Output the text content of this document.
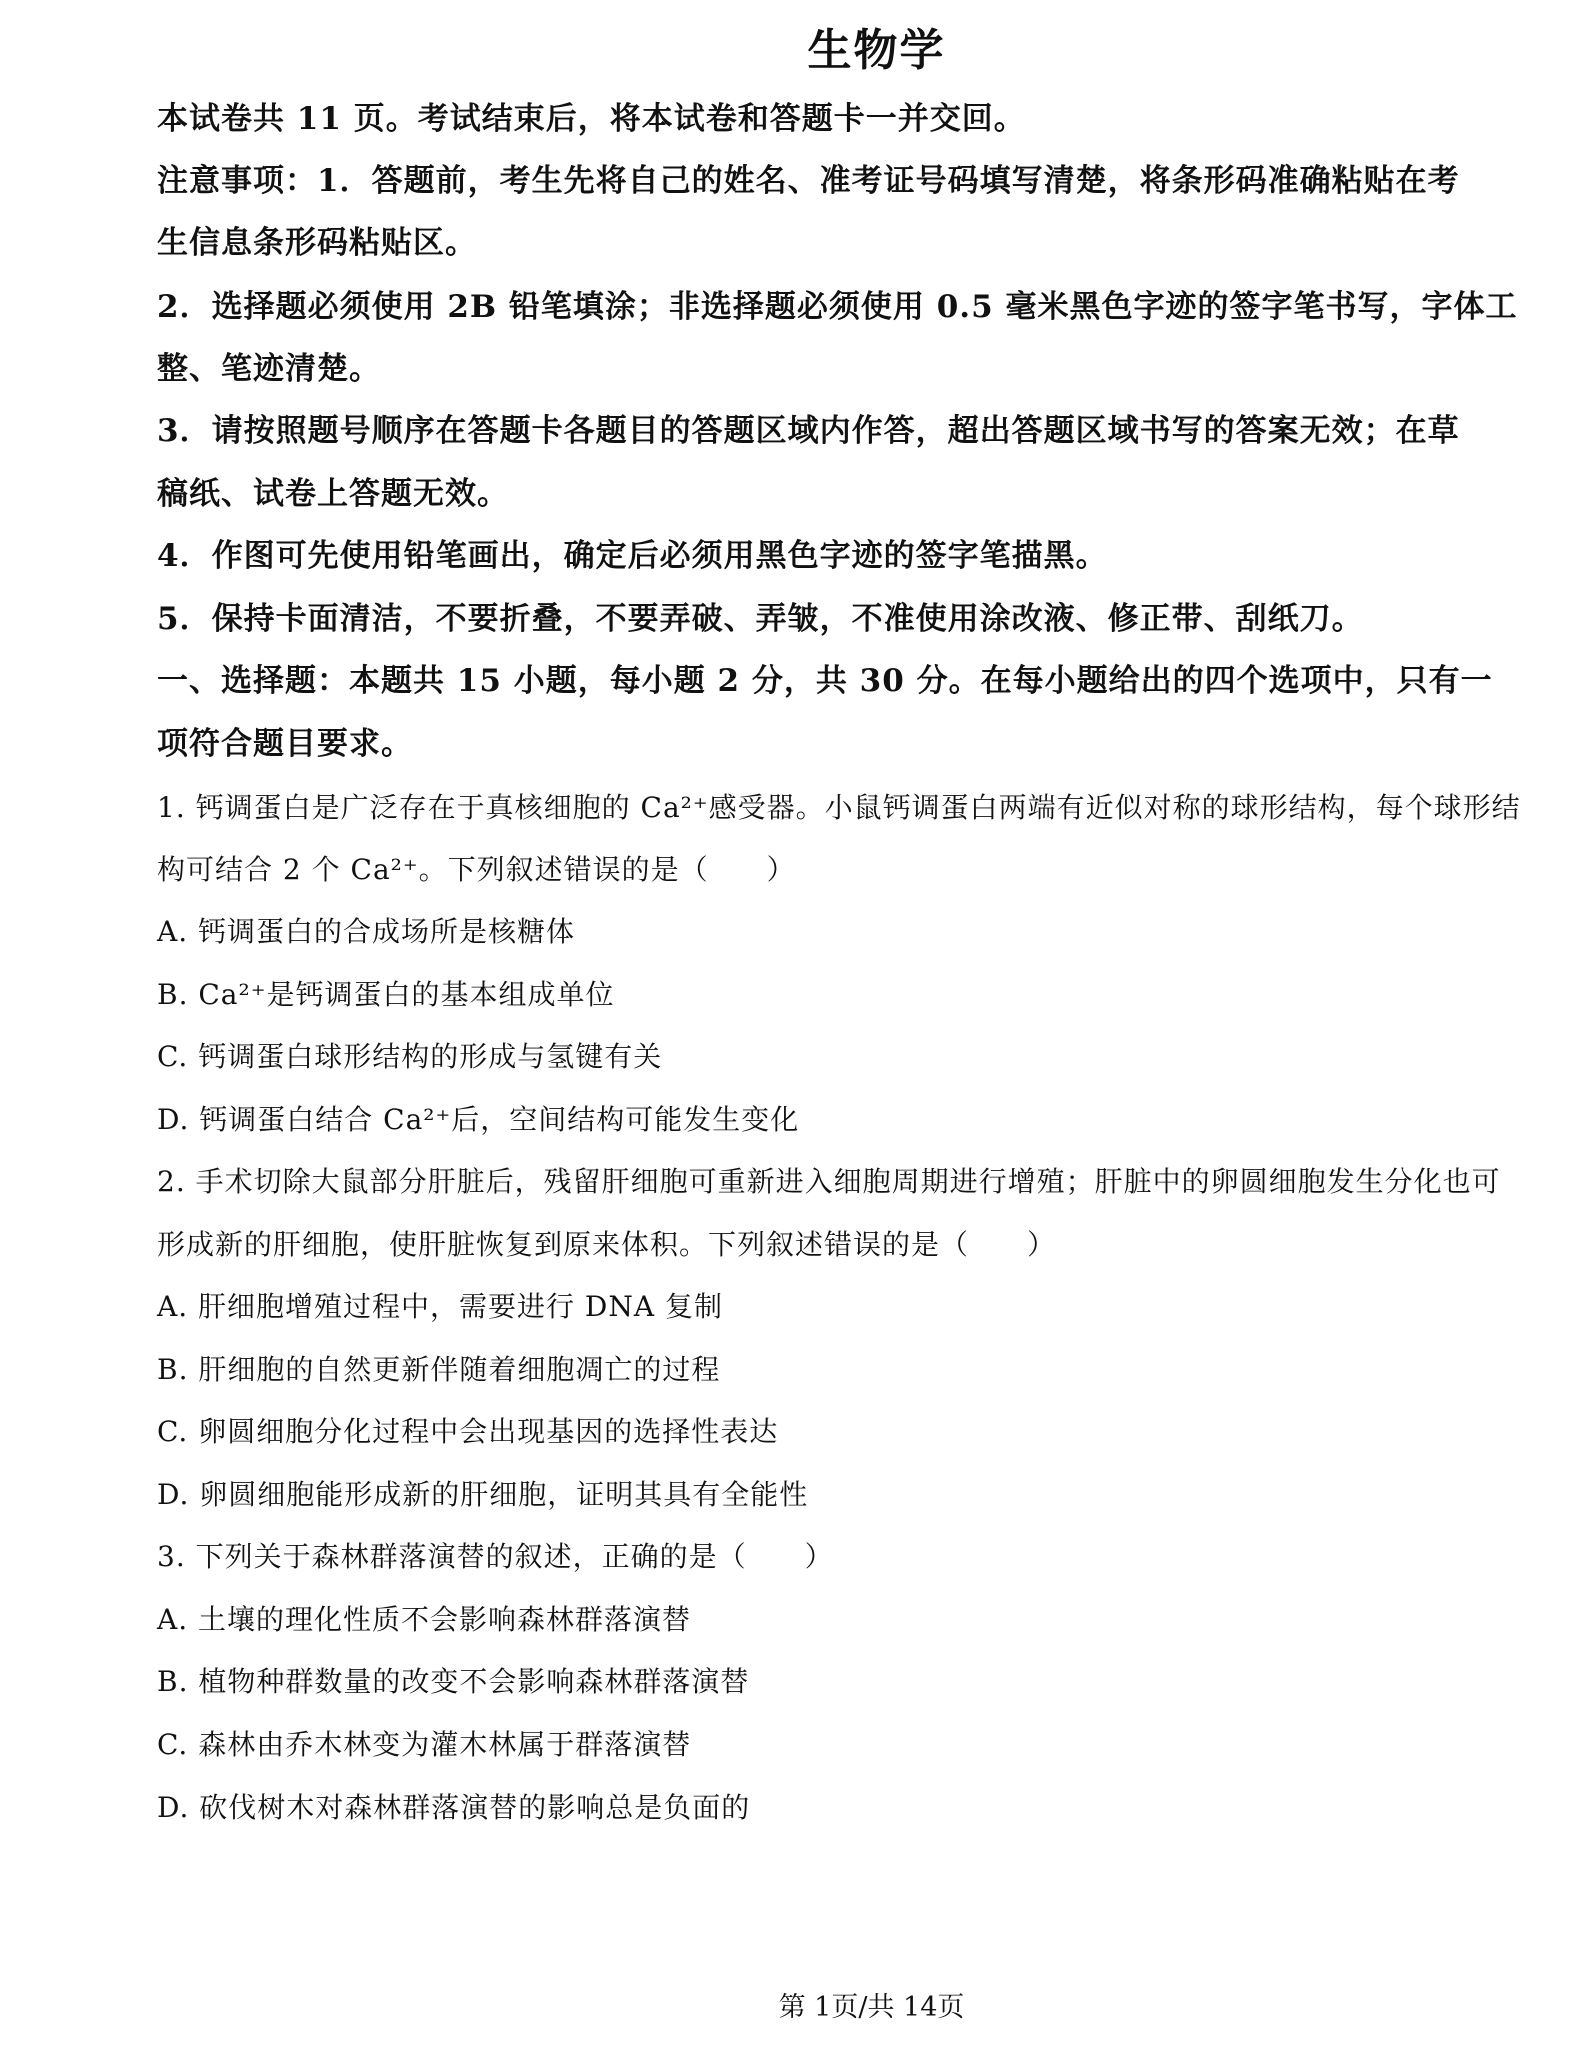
生物学
本试卷共 11 页。考试结束后，将本试卷和答题卡一并交回。
注意事项：1．答题前，考生先将自己的姓名、准考证号码填写清楚，将条形码准确粘贴在考
生信息条形码粘贴区。
2．选择题必须使用 2B 铅笔填涂；非选择题必须使用 0.5 毫米黑色字迹的签字笔书写，字体工
整、笔迹清楚。
3．请按照题号顺序在答题卡各题目的答题区域内作答，超出答题区域书写的答案无效；在草
稿纸、试卷上答题无效。
4．作图可先使用铅笔画出，确定后必须用黑色字迹的签字笔描黑。
5．保持卡面清洁，不要折叠，不要弄破、弄皱，不准使用涂改液、修正带、刮纸刀。
一、选择题：本题共 15 小题，每小题 2 分，共 30 分。在每小题给出的四个选项中，只有一
项符合题目要求。
1. 钙调蛋白是广泛存在于真核细胞的 Ca²⁺感受器。小鼠钙调蛋白两端有近似对称的球形结构，每个球形结
构可结合 2 个 Ca²⁺。下列叙述错误的是（　　）
A. 钙调蛋白的合成场所是核糖体
B. Ca²⁺是钙调蛋白的基本组成单位
C. 钙调蛋白球形结构的形成与氢键有关
D. 钙调蛋白结合 Ca²⁺后，空间结构可能发生变化
2. 手术切除大鼠部分肝脏后，残留肝细胞可重新进入细胞周期进行增殖；肝脏中的卵圆细胞发生分化也可
形成新的肝细胞，使肝脏恢复到原来体积。下列叙述错误的是（　　）
A. 肝细胞增殖过程中，需要进行 DNA 复制
B. 肝细胞的自然更新伴随着细胞凋亡的过程
C. 卵圆细胞分化过程中会出现基因的选择性表达
D. 卵圆细胞能形成新的肝细胞，证明其具有全能性
3. 下列关于森林群落演替的叙述，正确的是（　　）
A. 土壤的理化性质不会影响森林群落演替
B. 植物种群数量的改变不会影响森林群落演替
C. 森林由乔木林变为灌木林属于群落演替
D. 砍伐树木对森林群落演替的影响总是负面的
第 1页/共 14页
